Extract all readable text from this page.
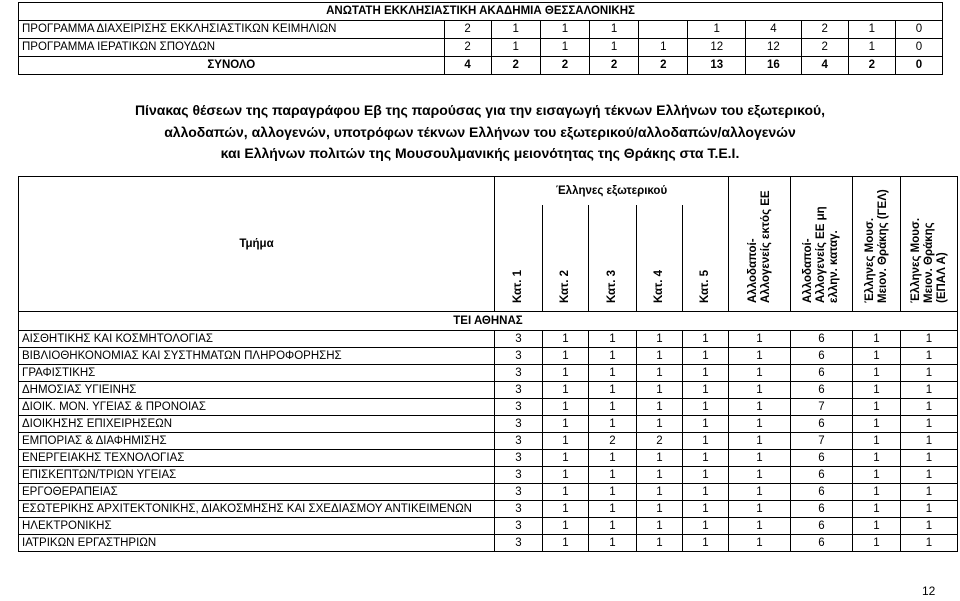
ΑΝΩΤΑΤΗ ΕΚΚΛΗΣΙΑΣΤΙΚΗ ΑΚΑΔΗΜΙΑ ΘΕΣΣΑΛΟΝΙΚΗΣ										
ΠΡΟΓΡΑΜΜΑ ΔΙΑΧΕΙΡΙΣΗΣ ΕΚΚΛΗΣΙΑΣΤΙΚΩΝ ΚΕΙΜΗΛΙΩΝ	2	1	1	1		1	4	2	1	0
ΠΡΟΓΡΑΜΜΑ ΙΕΡΑΤΙΚΩΝ ΣΠΟΥΔΩΝ	2	1	1	1	1	12	12	2	1	0
ΣΥΝΟΛΟ	4	2	2	2	2	13	16	4	2	0
Πίνακας θέσεων της παραγράφου Εβ της παρούσας για την εισαγωγή τέκνων Ελλήνων του εξωτερικού,
αλλοδαπών, αλλογενών, υποτρόφων τέκνων Ελλήνων του εξωτερικού/αλλοδαπών/αλλογενών
και Ελλήνων πολιτών της Μουσουλμανικής μειονότητας της Θράκης στα Τ.Ε.Ι.
Τμήμα	Έλληνες εξωτερικού					Αλλοδαποί-Αλλογενείς εκτός ΕΕ	Αλλοδαποί-Αλλογενείς ΕΕ μη ελλην. καταγ.	Έλληνες Μουσ. Μειον. Θράκης (ΓΕΛ)	Έλληνες Μουσ. Μειον. Θράκης (ΕΠΑΛ Α)
	Κατ. 1	Κατ. 2	Κατ. 3	Κατ. 4	Κατ. 5				
ΤΕΙ ΑΘΗΝΑΣ									
ΑΙΣΘΗΤΙΚΗΣ ΚΑΙ ΚΟΣΜΗΤΟΛΟΓΙΑΣ	3	1	1	1	1	1	6	1	1
ΒΙΒΛΙΟΘΗΚΟΝΟΜΙΑΣ ΚΑΙ ΣΥΣΤΗΜΑΤΩΝ ΠΛΗΡΟΦΟΡΗΣΗΣ	3	1	1	1	1	1	6	1	1
ΓΡΑΦΙΣΤΙΚΗΣ	3	1	1	1	1	1	6	1	1
ΔΗΜΟΣΙΑΣ ΥΓΙΕΙΝΗΣ	3	1	1	1	1	1	6	1	1
ΔΙΟΙΚ. ΜΟΝ. ΥΓΕΙΑΣ & ΠΡΟΝΟΙΑΣ	3	1	1	1	1	1	7	1	1
ΔΙΟΙΚΗΣΗΣ ΕΠΙΧΕΙΡΗΣΕΩΝ	3	1	1	1	1	1	6	1	1
ΕΜΠΟΡΙΑΣ & ΔΙΑΦΗΜΙΣΗΣ	3	1	2	2	1	1	7	1	1
ΕΝΕΡΓΕΙΑΚΗΣ ΤΕΧΝΟΛΟΓΙΑΣ	3	1	1	1	1	1	6	1	1
ΕΠΙΣΚΕΠΤΩΝ/ΤΡΙΩΝ ΥΓΕΙΑΣ	3	1	1	1	1	1	6	1	1
ΕΡΓΟΘΕΡΑΠΕΙΑΣ	3	1	1	1	1	1	6	1	1
ΕΣΩΤΕΡΙΚΗΣ ΑΡΧΙΤΕΚΤΟΝΙΚΗΣ, ΔΙΑΚΟΣΜΗΣΗΣ ΚΑΙ ΣΧΕΔΙΑΣΜΟΥ ΑΝΤΙΚΕΙΜΕΝΩΝ	3	1	1	1	1	1	6	1	1
ΗΛΕΚΤΡΟΝΙΚΗΣ	3	1	1	1	1	1	6	1	1
ΙΑΤΡΙΚΩΝ ΕΡΓΑΣΤΗΡΙΩΝ	3	1	1	1	1	1	6	1	1
12
